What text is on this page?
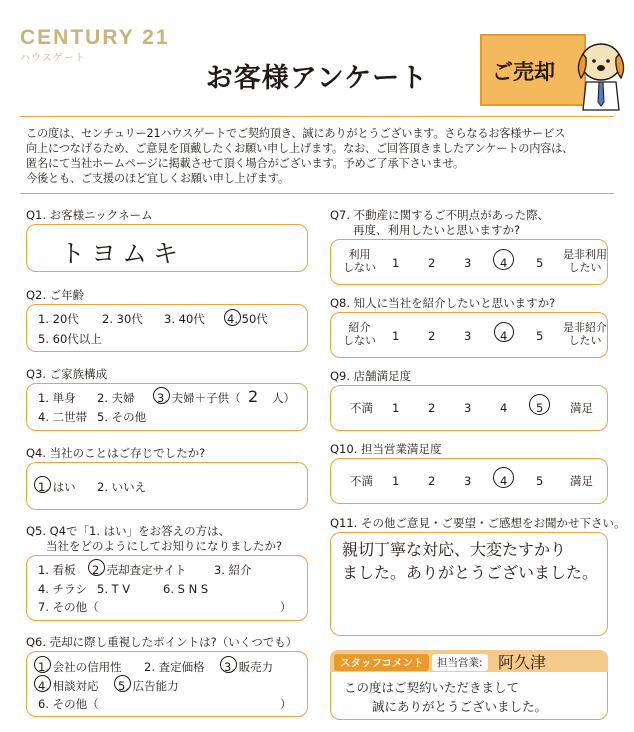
CENTURY 21
ハウスゲート
お客様アンケート	ご売却
この度は、センチュリー21ハウスゲートでご契約頂き、誠にありがとうございます。さらなるお客様サービス
向上につなげるため、ご意見を頂戴したくお願い申し上げます。なお、ご回答頂きましたアンケートの内容は、
匿名にて当社ホームページに掲載させて頂く場合がございます。予めご了承下さいませ。
今後とも、ご支援のほど宜しくお願い申し上げます。
Q1. お客様ニックネーム
トヨムキ
Q2. ご年齢
1. 20代 2. 30代 3. 40代 4. 50代
5. 60代以上
Q3. ご家族構成
1. 単身 2. 夫婦 3. 夫婦＋子供（ 2 人）
4. 二世帯 5. その他
Q4. 当社のことはご存じでしたか?
1. はい 2. いいえ
Q5. Q4で「1. はい」をお答えの方は、
当社をどのようにしてお知りになりましたか?
1. 看板 2. 売却査定サイト 3. 紹介
4. チラシ 5. T V	6. S N S
7. その他（	）
Q6. 売却に際し重視したポイントは?（いくつでも）
1. 会社の信用性 2. 査定価格 3. 販売力
4. 相談対応 5. 広告能力
6. その他（	）
Q7. 不動産に関するご不明点があった際、
再度、利用したいと思いますか?
利用
しない 1 2 3 4 5
是非利用
したい
Q8. 知人に当社を紹介したいと思いますか?
紹介
しない 1 2 3 4 5
是非紹介
したい
Q9. 店舗満足度
不満 1 2 3 4 5 満足
Q10. 担当営業満足度
不満 1 2 3 4 5 満足
Q11. その他ご意見・ご要望・ご感想をお聞かせ下さい。
親切丁寧な対応、大変たすかり
ました。ありがとうございました。
スタッフコメント	担当営業: 阿久津
この度はご契約いただきまして
誠にありがとうございました。
